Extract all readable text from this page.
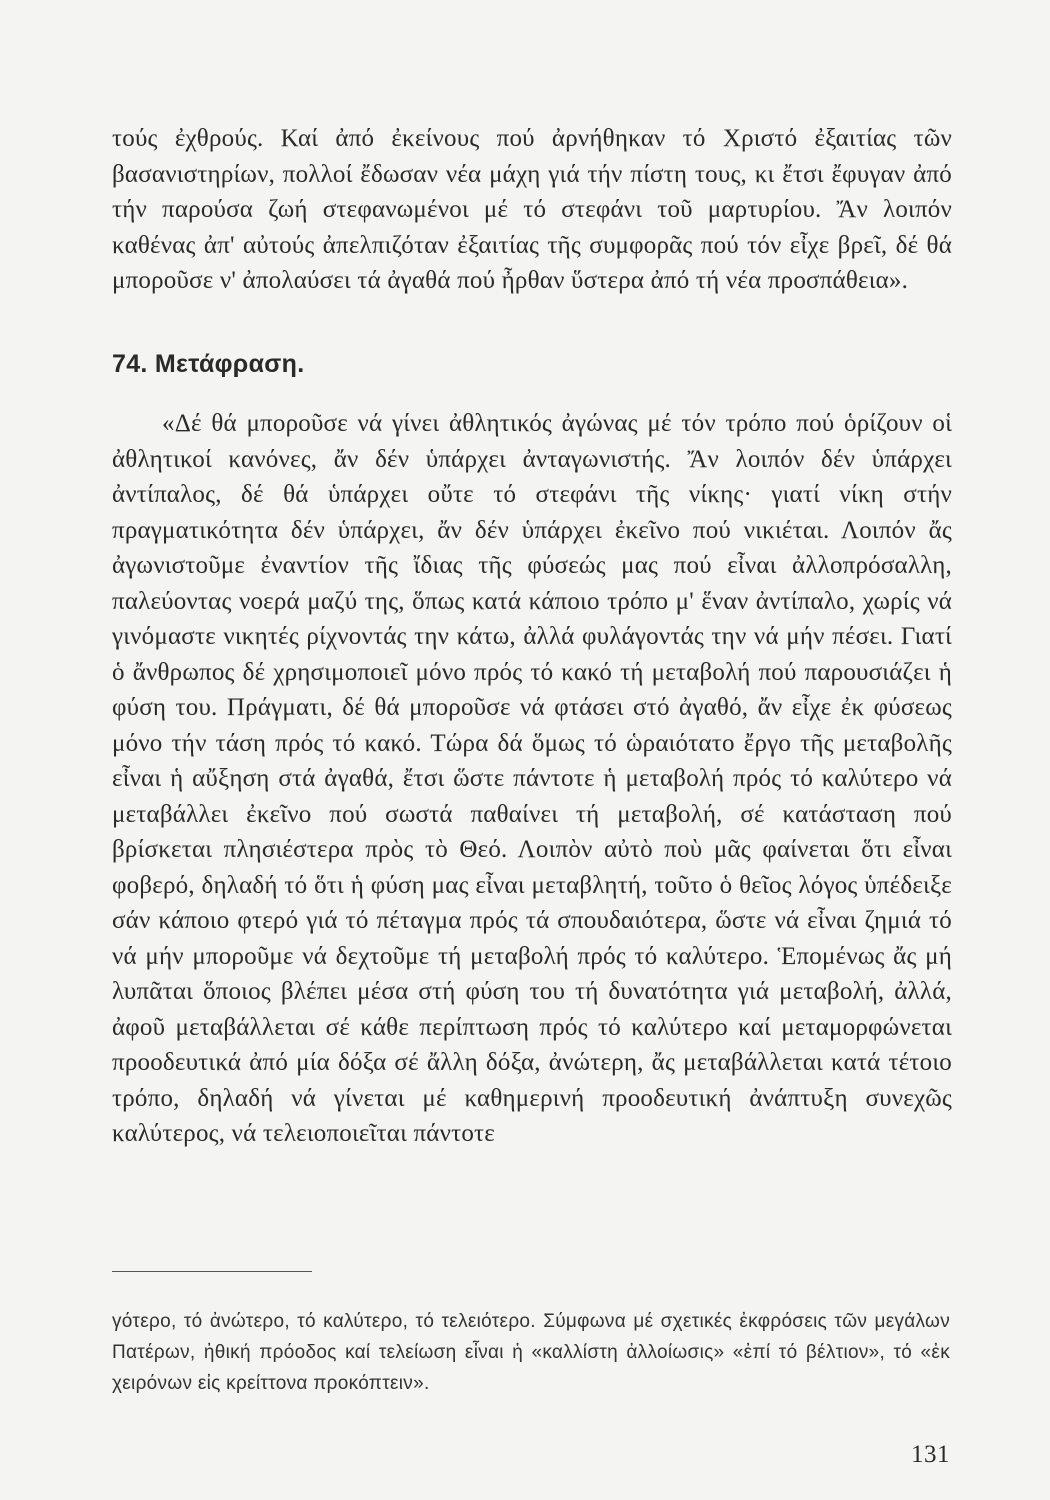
τούς ἐχθρούς. Καί ἀπό ἐκείνους πού ἀρνήθηκαν τό Χριστό ἐξαιτίας τῶν βασανιστηρίων, πολλοί ἔδωσαν νέα μάχη γιά τήν πίστη τους, κι ἔτσι ἔφυγαν ἀπό τήν παρούσα ζωή στεφανωμένοι μέ τό στεφάνι τοῦ μαρτυρίου. Ἄν λοιπόν καθένας ἀπ' αὐτούς ἀπελπιζόταν ἐξαιτίας τῆς συμφορᾶς πού τόν εἶχε βρεῖ, δέ θά μποροῦσε ν' ἀπολαύσει τά ἀγαθά πού ἦρθαν ὕστερα ἀπό τή νέα προσπάθεια».

74. Μετάφραση.

«Δέ θά μποροῦσε νά γίνει ἀθλητικός ἀγώνας μέ τόν τρόπο πού ὁρίζουν οἱ ἀθλητικοί κανόνες, ἄν δέν ὑπάρχει ἀνταγωνιστής. Ἄν λοιπόν δέν ὑπάρχει ἀντίπαλος, δέ θά ὑπάρχει οὔτε τό στεφάνι τῆς νίκης· γιατί νίκη στήν πραγματικότητα δέν ὑπάρχει, ἄν δέν ὑπάρχει ἐκεῖνο πού νικιέται. Λοιπόν ἄς ἀγωνιστοῦμε ἐναντίον τῆς ἴδιας τῆς φύσεώς μας πού εἶναι ἀλλοπρόσαλλη, παλεύοντας νοερά μαζύ της, ὅπως κατά κάποιο τρόπο μ' ἕναν ἀντίπαλο, χωρίς νά γινόμαστε νικητές ρίχνοντάς την κάτω, ἀλλά φυλάγοντάς την νά μήν πέσει. Γιατί ὁ ἄνθρωπος δέ χρησιμοποιεῖ μόνο πρός τό κακό τή μεταβολή πού παρουσιάζει ἡ φύση του. Πράγματι, δέ θά μποροῦσε νά φτάσει στό ἀγαθό, ἄν εἶχε ἐκ φύσεως μόνο τήν τάση πρός τό κακό. Τώρα δά ὅμως τό ὡραιότατο ἔργο τῆς μεταβολῆς εἶναι ἡ αὔξηση στά ἀγαθά, ἔτσι ὥστε πάντοτε ἡ μεταβολή πρός τό καλύτερο νά μεταβάλλει ἐκεῖνο πού σωστά παθαίνει τή μεταβολή, σέ κατάσταση πού βρίσκεται πλησιέστερα πρὸς τὸ Θεό. Λοιπὸν αὐτὸ ποὺ μᾶς φαίνεται ὅτι εἶναι φοβερό, δηλαδή τό ὅτι ἡ φύση μας εἶναι μεταβλητή, τοῦτο ὁ θεῖος λόγος ὑπέδειξε σάν κάποιο φτερό γιά τό πέταγμα πρός τά σπουδαιότερα, ὥστε νά εἶναι ζημιά τό νά μήν μποροῦμε νά δεχτοῦμε τή μεταβολή πρός τό καλύτερο. Ἑπομένως ἄς μή λυπᾶται ὅποιος βλέπει μέσα στή φύση του τή δυνατότητα γιά μεταβολή, ἀλλά, ἀφοῦ μεταβάλλεται σέ κάθε περίπτωση πρός τό καλύτερο καί μεταμορφώνεται προοδευτικά ἀπό μία δόξα σέ ἄλλη δόξα, ἀνώτερη, ἄς μεταβάλλεται κατά τέτοιο τρόπο, δηλαδή νά γίνεται μέ καθημερινή προοδευτική ἀνάπτυξη συνεχῶς καλύτερος, νά τελειοποιεῖται πάντοτε

γότερο, τό ἀνώτερο, τό καλύτερο, τό τελειότερο. Σύμφωνα μέ σχετικές ἐκφρόσεις τῶν μεγάλων Πατέρων, ἠθική πρόοδος καί τελείωση εἶναι ἡ «καλλίστη ἀλλοίωσις» «ἐπί τό βέλτιον», τό «ἐκ χειρόνων εἰς κρείττονα προκόπτειν».

131
